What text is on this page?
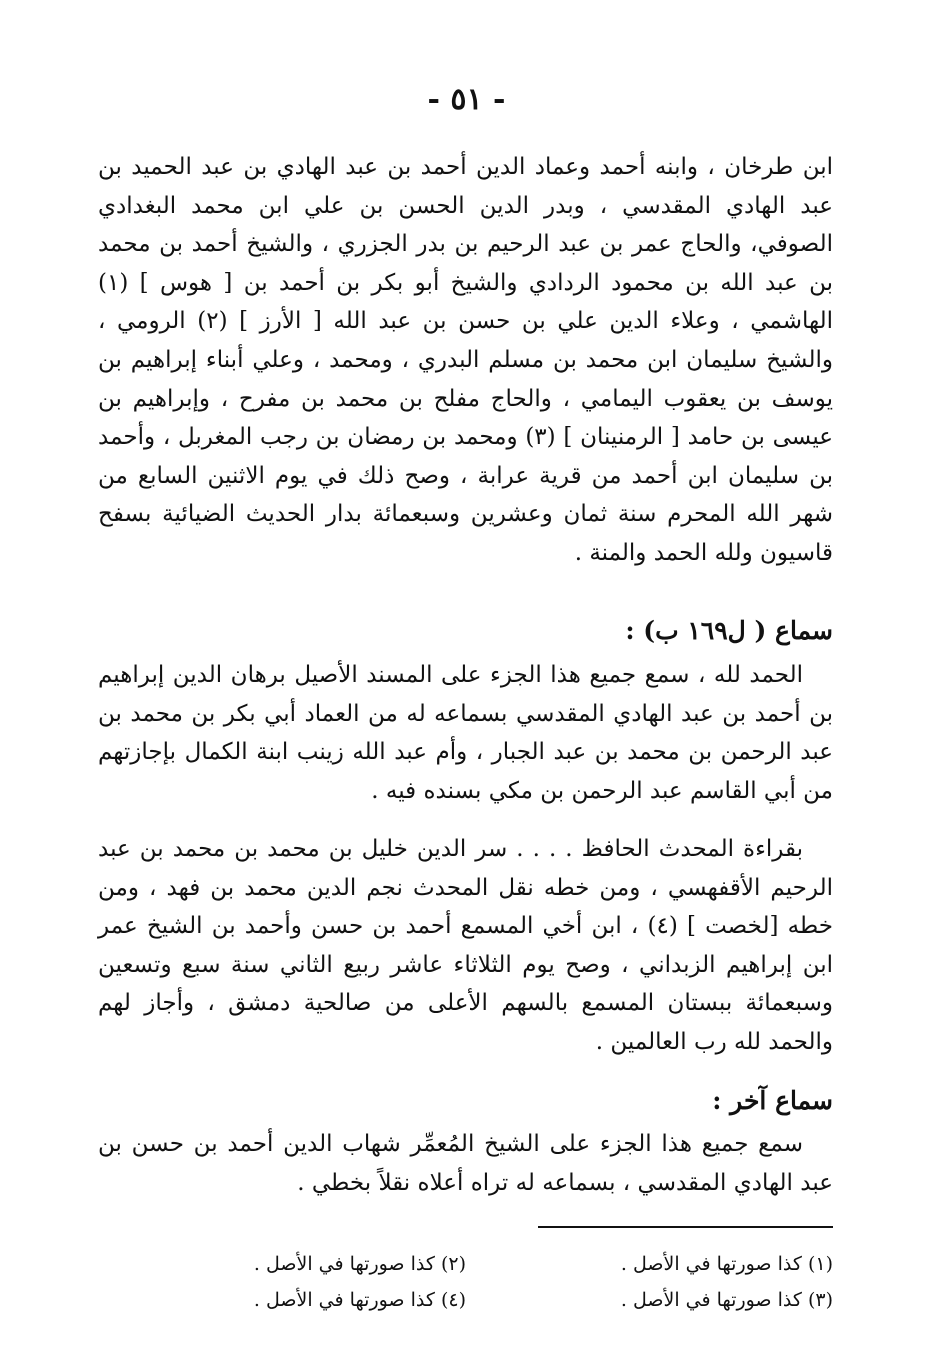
- ٥١ -
ابن طرخان ، وابنه أحمد وعماد الدين أحمد بن عبد الهادي بن عبد الحميد بن عبد الهادي المقدسي ، وبدر الدين الحسن بن علي ابن محمد البغدادي الصوفي، والحاج عمر بن عبد الرحيم بن بدر الجزري ، والشيخ أحمد بن محمد بن عبد الله بن محمود الردادي والشيخ أبو بكر بن أحمد بن [ هوس ] (١) الهاشمي ، وعلاء الدين علي بن حسن بن عبد الله [ الأرز ] (٢) الرومي ، والشيخ سليمان ابن محمد بن مسلم البدري ، ومحمد ، وعلي أبناء إبراهيم بن يوسف بن يعقوب اليمامي ، والحاج مفلح بن محمد بن مفرح ، وإبراهيم بن عيسى بن حامد [ الرمنينان ] (٣) ومحمد بن رمضان بن رجب المغربل ، وأحمد بن سليمان ابن أحمد من قرية عرابة ، وصح ذلك في يوم الاثنين السابع من شهر الله المحرم سنة ثمان وعشرين وسبعمائة بدار الحديث الضيائية بسفح قاسيون ولله الحمد والمنة .
سماع ( ل١٦٩ ب) :
الحمد لله ، سمع جميع هذا الجزء على المسند الأصيل برهان الدين إبراهيم بن أحمد بن عبد الهادي المقدسي بسماعه له من العماد أبي بكر بن محمد بن عبد الرحمن بن محمد بن عبد الجبار ، وأم عبد الله زينب ابنة الكمال بإجازتهم من أبي القاسم عبد الرحمن بن مكي بسنده فيه .
بقراءة المحدث الحافظ . . . . سر الدين خليل بن محمد بن محمد بن عبد الرحيم الأقفهسي ، ومن خطه نقل المحدث نجم الدين محمد بن فهد ، ومن خطه [لخصت ] (٤) ، ابن أخي المسمع أحمد بن حسن وأحمد بن الشيخ عمر ابن إبراهيم الزبداني ، وصح يوم الثلاثاء عاشر ربيع الثاني سنة سبع وتسعين وسبعمائة ببستان المسمع بالسهم الأعلى من صالحية دمشق ، وأجاز لهم والحمد لله رب العالمين .
سماع آخر :
سمع جميع هذا الجزء على الشيخ المُعمِّر شهاب الدين أحمد بن حسن بن عبد الهادي المقدسي ، بسماعه له تراه أعلاه نقلاً بخطي .
(١) كذا صورتها في الأصل .
(٢) كذا صورتها في الأصل .
(٣) كذا صورتها في الأصل .
(٤) كذا صورتها في الأصل .
